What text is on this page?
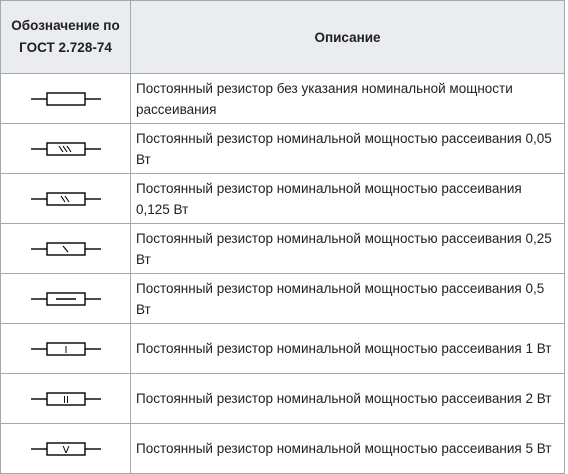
Обозначение по ГОСТ 2.728-74	Описание

	Постоянный резистор без указания номинальной мощности рассеивания

	Постоянный резистор номинальной мощностью рассеивания 0,05 Вт

	Постоянный резистор номинальной мощностью рассеивания 0,125 Вт

	Постоянный резистор номинальной мощностью рассеивания 0,25 Вт

	Постоянный резистор номинальной мощностью рассеивания 0,5 Вт

I	Постоянный резистор номинальной мощностью рассеивания 1 Вт

II	Постоянный резистор номинальной мощностью рассеивания 2 Вт

V	Постоянный резистор номинальной мощностью рассеивания 5 Вт
